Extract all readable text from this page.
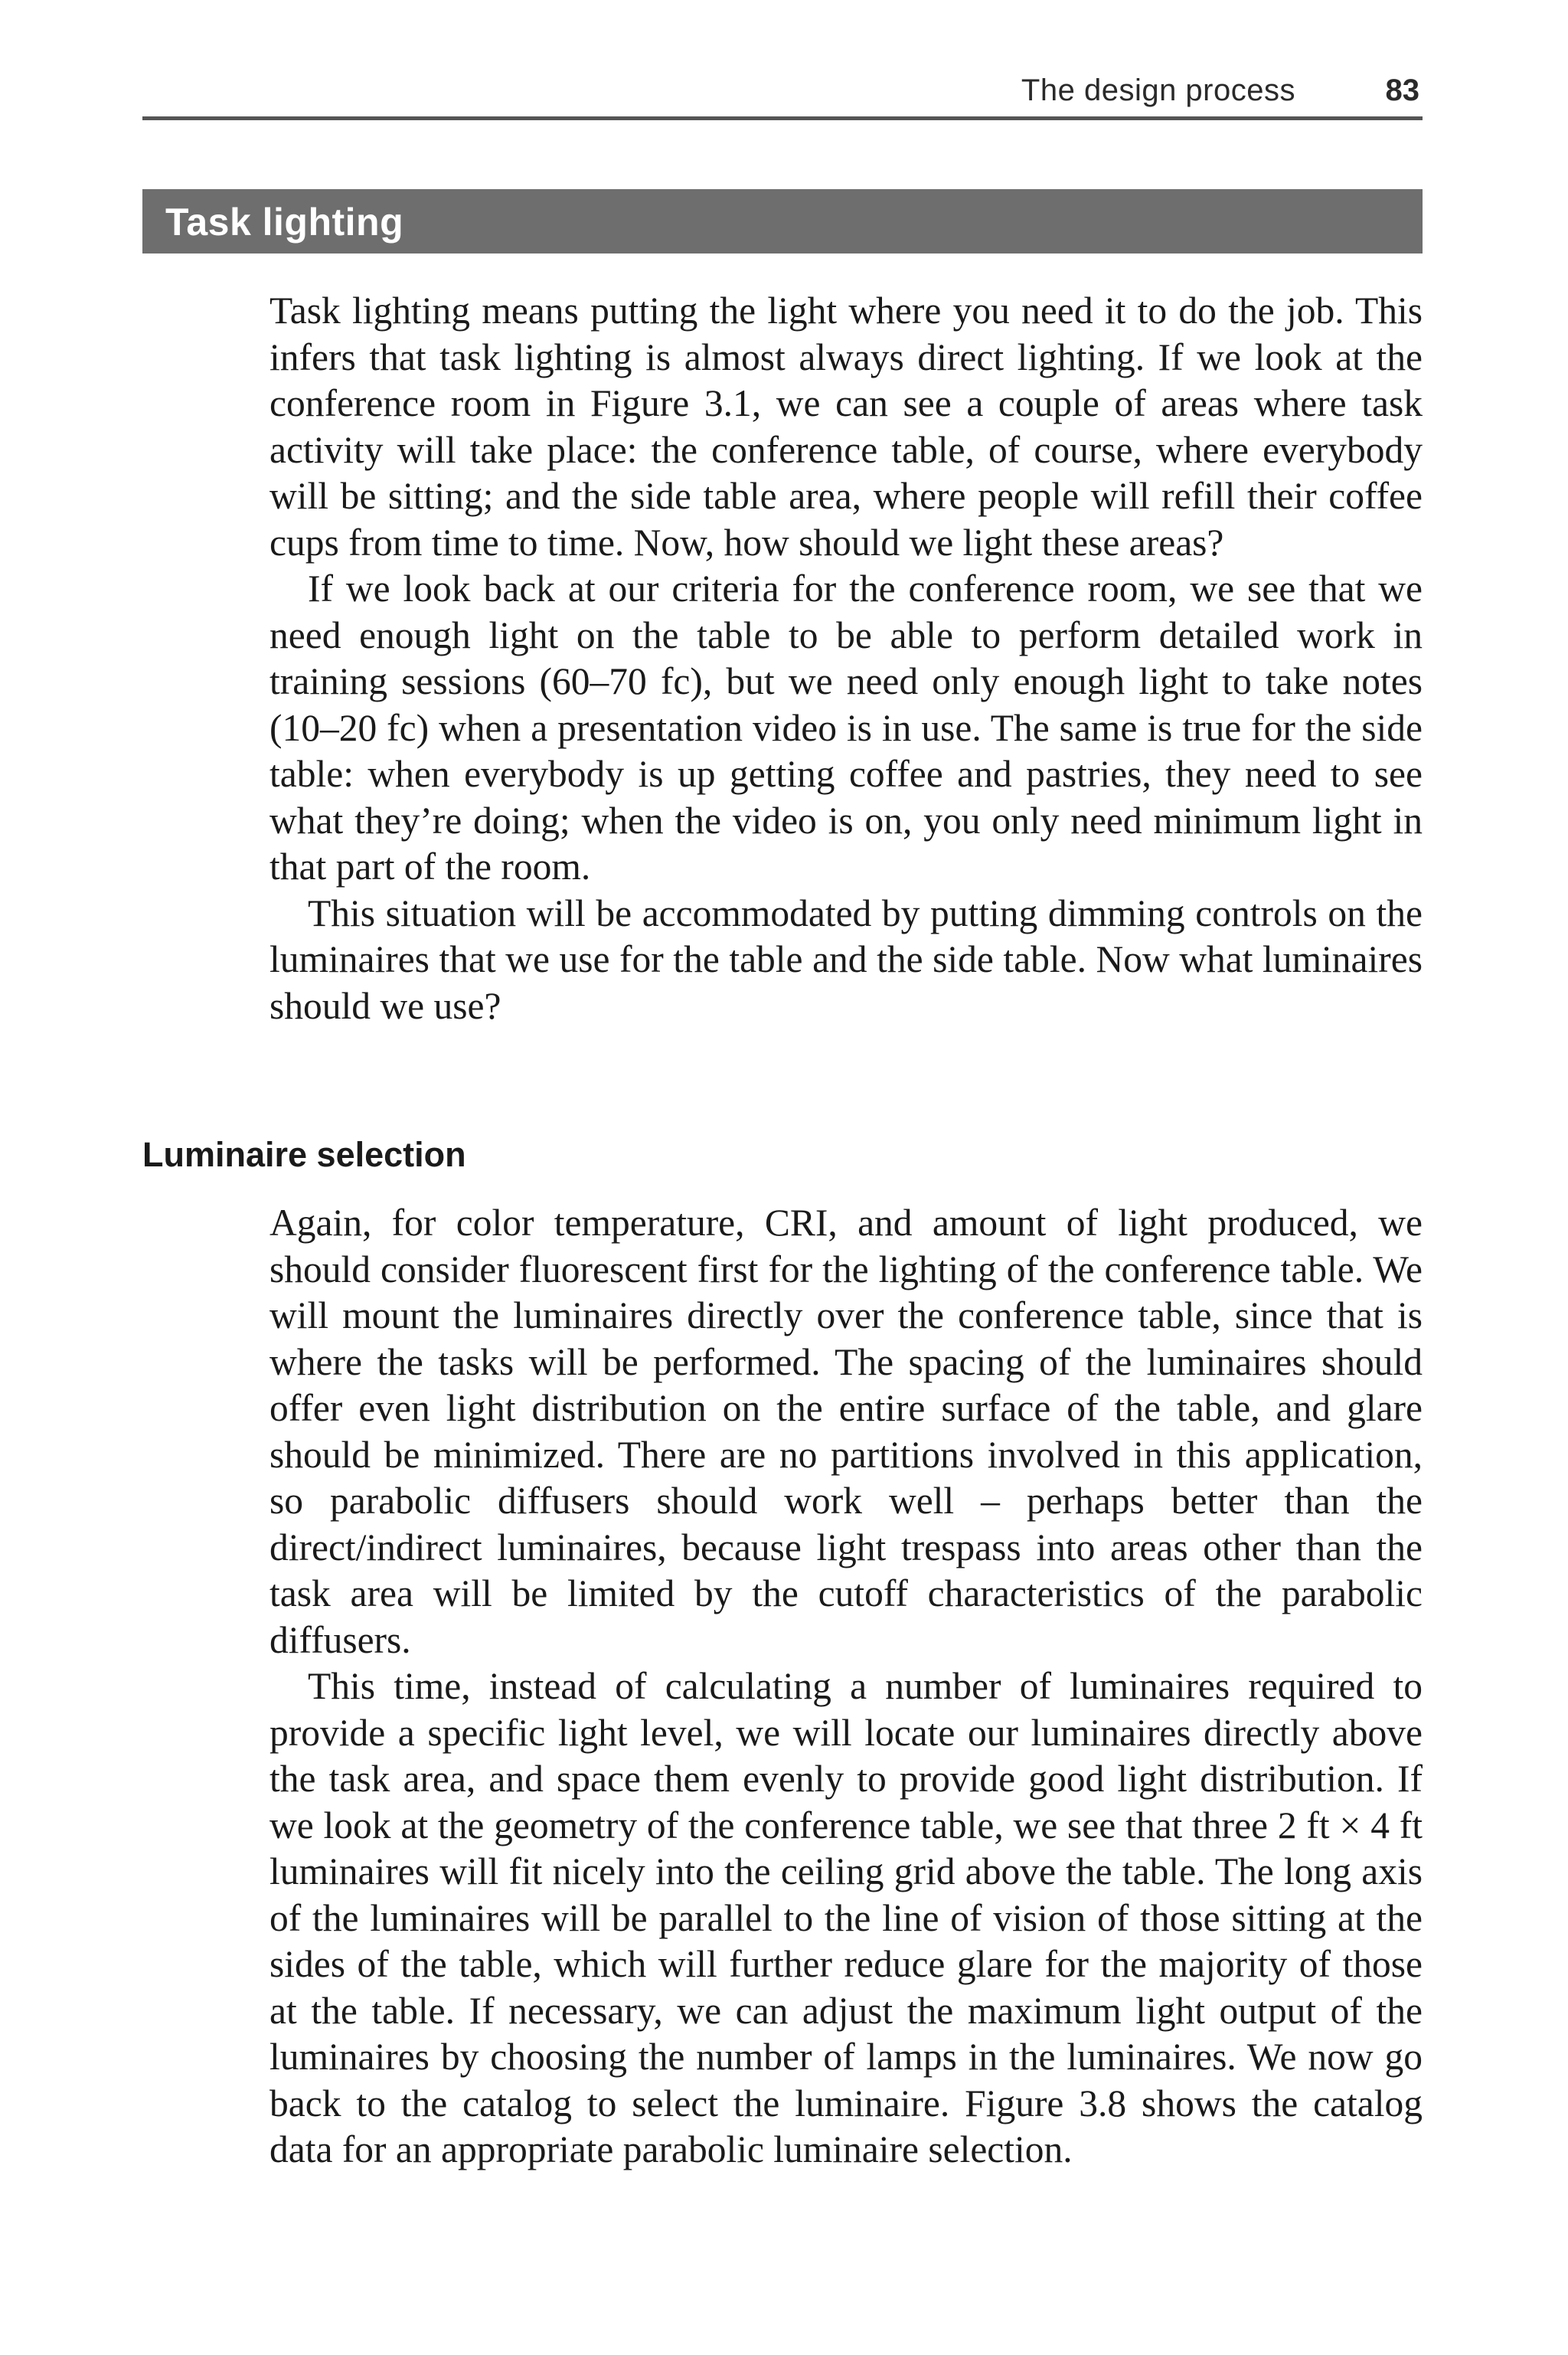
The design process	83
Task lighting

Task lighting means putting the light where you need it to do the job. This infers that task lighting is almost always direct lighting. If we look at the conference room in Figure 3.1, we can see a couple of areas where task activity will take place: the conference table, of course, where everybody will be sitting; and the side table area, where people will refill their coffee cups from time to time. Now, how should we light these areas?

If we look back at our criteria for the conference room, we see that we need enough light on the table to be able to perform detailed work in training sessions (60–70 fc), but we need only enough light to take notes (10–20 fc) when a presentation video is in use. The same is true for the side table: when everybody is up getting coffee and pastries, they need to see what they’re doing; when the video is on, you only need minimum light in that part of the room.

This situation will be accommodated by putting dimming controls on the luminaires that we use for the table and the side table. Now what luminaires should we use?

Luminaire selection

Again, for color temperature, CRI, and amount of light produced, we should consider fluorescent first for the lighting of the conference table. We will mount the luminaires directly over the conference table, since that is where the tasks will be performed. The spacing of the luminaires should offer even light distribution on the entire surface of the table, and glare should be minimized. There are no partitions involved in this application, so parabolic diffusers should work well – perhaps better than the direct/indirect luminaires, because light trespass into areas other than the task area will be limited by the cutoff characteristics of the parabolic diffusers.

This time, instead of calculating a number of luminaires required to provide a specific light level, we will locate our luminaires directly above the task area, and space them evenly to provide good light distribution. If we look at the geometry of the conference table, we see that three 2 ft × 4 ft luminaires will fit nicely into the ceiling grid above the table. The long axis of the luminaires will be parallel to the line of vision of those sitting at the sides of the table, which will further reduce glare for the majority of those at the table. If necessary, we can adjust the maximum light output of the luminaires by choosing the number of lamps in the luminaires. We now go back to the catalog to select the luminaire. Figure 3.8 shows the catalog data for an appropriate parabolic luminaire selection.
